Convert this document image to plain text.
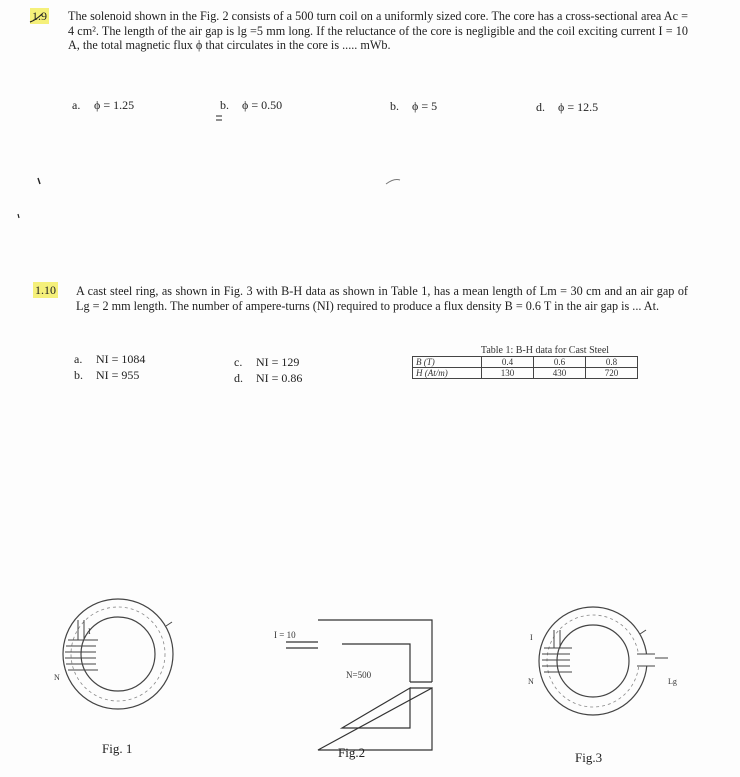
1.9 The solenoid shown in the Fig. 2 consists of a 500 turn coil on a uniformly sized core. The core has a cross-sectional area Ac = 4 cm². The length of the air gap is lg =5 mm long. If the reluctance of the core is negligible and the coil exciting current I = 10 A, the total magnetic flux ϕ that circulates in the core is ..... mWb.
a. ϕ = 1.25	b. ϕ = 0.50	b. ϕ = 5	d. ϕ = 12.5
1.10 A cast steel ring, as shown in Fig. 3 with B-H data as shown in Table 1, has a mean length of Lm = 30 cm and an air gap of Lg = 2 mm length. The number of ampere-turns (NI) required to produce a flux density B = 0.6 T in the air gap is ... At.
a. NI = 1084
b. NI = 955
c. NI = 129
d. NI = 0.86
Table 1: B-H data for Cast Steel
B (T)	0.4	0.6	0.8
H (At/m)	130	430	720
I
N
Fig. 1
I = 10
N=500
Fig.2
I
N	Lg
Fig.3
